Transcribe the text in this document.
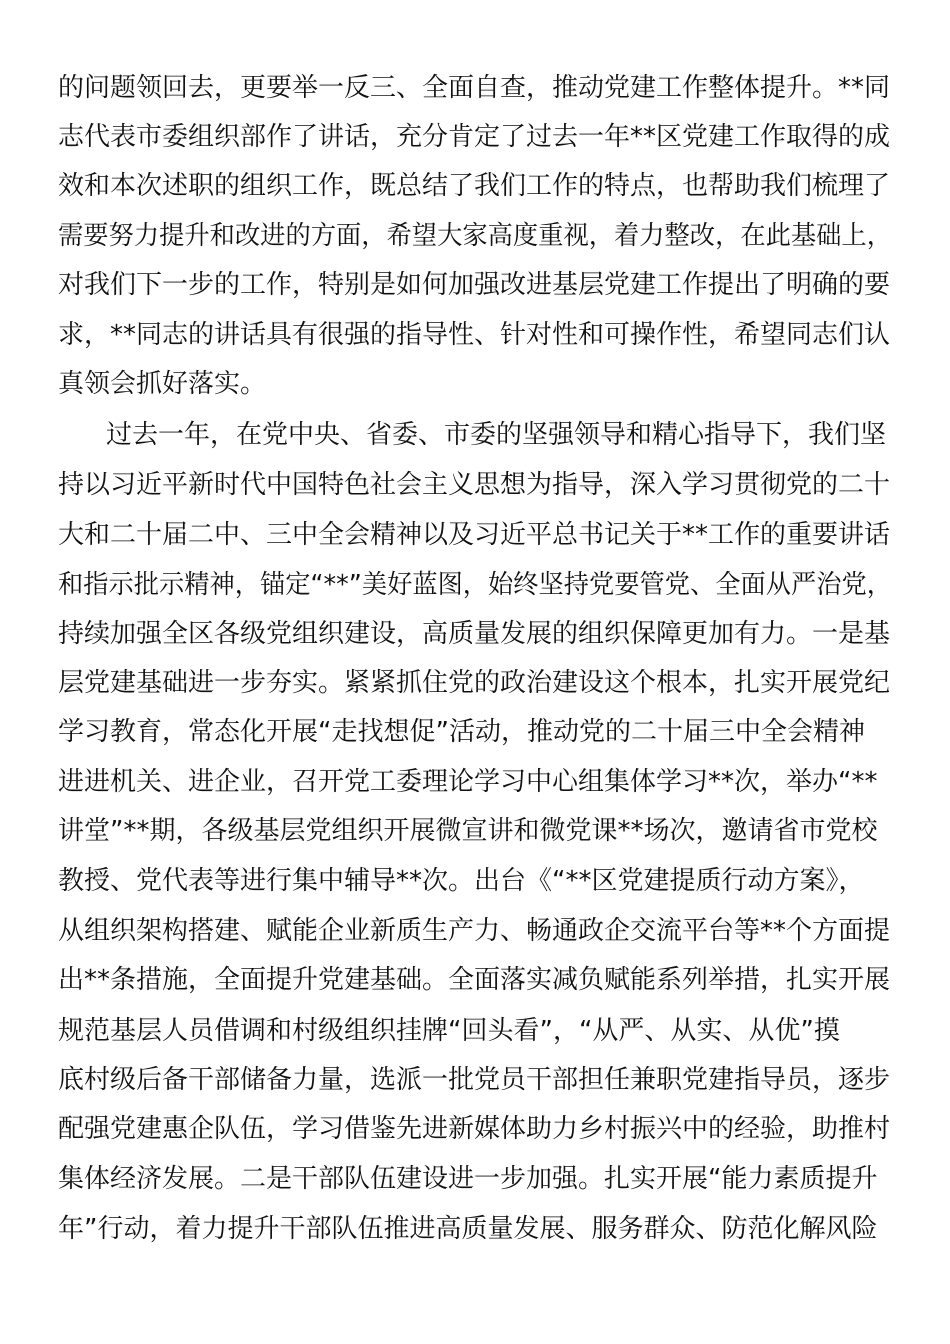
的问题领回去，更要举一反三、全面自查，推动党建工作整体提升。**同
志代表市委组织部作了讲话，充分肯定了过去一年**区党建工作取得的成
效和本次述职的组织工作，既总结了我们工作的特点，也帮助我们梳理了
需要努力提升和改进的方面，希望大家高度重视，着力整改，在此基础上，
对我们下一步的工作，特别是如何加强改进基层党建工作提出了明确的要
求，**同志的讲话具有很强的指导性、针对性和可操作性，希望同志们认
真领会抓好落实。
过去一年，在党中央、省委、市委的坚强领导和精心指导下，我们坚
持以习近平新时代中国特色社会主义思想为指导，深入学习贯彻党的二十
大和二十届二中、三中全会精神以及习近平总书记关于**工作的重要讲话
和指示批示精神，锚定“**”美好蓝图，始终坚持党要管党、全面从严治党，
持续加强全区各级党组织建设，高质量发展的组织保障更加有力。一是基
层党建基础进一步夯实。紧紧抓住党的政治建设这个根本，扎实开展党纪
学习教育，常态化开展“走找想促”活动，推动党的二十届三中全会精神
进进机关、进企业，召开党工委理论学习中心组集体学习**次，举办“**
讲堂”**期，各级基层党组织开展微宣讲和微党课**场次，邀请省市党校
教授、党代表等进行集中辅导**次。出台《“**区党建提质行动方案》，
从组织架构搭建、赋能企业新质生产力、畅通政企交流平台等**个方面提
出**条措施，全面提升党建基础。全面落实减负赋能系列举措，扎实开展
规范基层人员借调和村级组织挂牌“回头看”，“从严、从实、从优”摸
底村级后备干部储备力量，选派一批党员干部担任兼职党建指导员，逐步
配强党建惠企队伍，学习借鉴先进新媒体助力乡村振兴中的经验，助推村
集体经济发展。二是干部队伍建设进一步加强。扎实开展“能力素质提升
年”行动，着力提升干部队伍推进高质量发展、服务群众、防范化解风险
